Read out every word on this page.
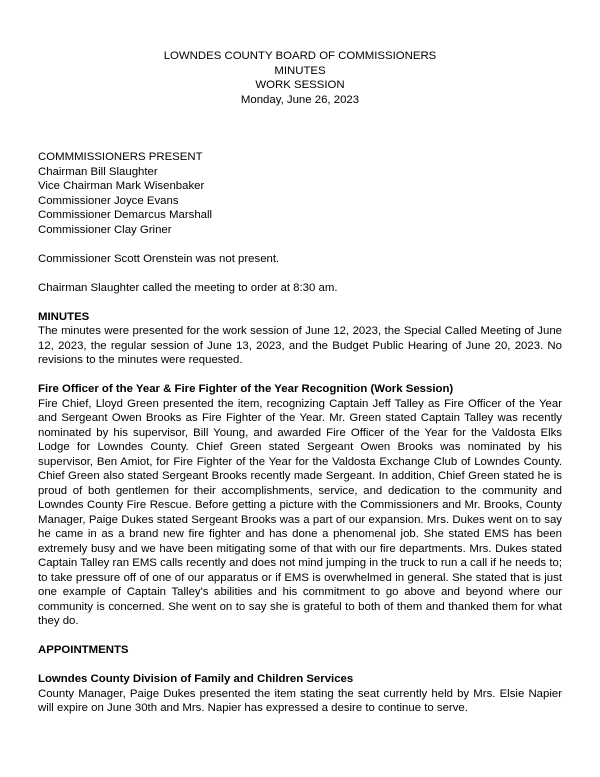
LOWNDES COUNTY BOARD OF COMMISSIONERS
MINUTES
WORK SESSION
Monday, June 26, 2023
COMMMISSIONERS PRESENT
Chairman Bill Slaughter
Vice Chairman Mark Wisenbaker
Commissioner Joyce Evans
Commissioner Demarcus Marshall
Commissioner Clay Griner

Commissioner Scott Orenstein was not present.

Chairman Slaughter called the meeting to order at 8:30 am.

MINUTES

The minutes were presented for the work session of June 12, 2023, the Special Called Meeting of June 12, 2023, the regular session of June 13, 2023, and the Budget Public Hearing of June 20, 2023. No revisions to the minutes were requested.

Fire Officer of the Year & Fire Fighter of the Year Recognition (Work Session)

Fire Chief, Lloyd Green presented the item, recognizing Captain Jeff Talley as Fire Officer of the Year and Sergeant Owen Brooks as Fire Fighter of the Year. Mr. Green stated Captain Talley was recently nominated by his supervisor, Bill Young, and awarded Fire Officer of the Year for the Valdosta Elks Lodge for Lowndes County. Chief Green stated Sergeant Owen Brooks was nominated by his supervisor, Ben Amiot, for Fire Fighter of the Year for the Valdosta Exchange Club of Lowndes County. Chief Green also stated Sergeant Brooks recently made Sergeant. In addition, Chief Green stated he is proud of both gentlemen for their accomplishments, service, and dedication to the community and Lowndes County Fire Rescue. Before getting a picture with the Commissioners and Mr. Brooks, County Manager, Paige Dukes stated Sergeant Brooks was a part of our expansion. Mrs. Dukes went on to say he came in as a brand new fire fighter and has done a phenomenal job. She stated EMS has been extremely busy and we have been mitigating some of that with our fire departments. Mrs. Dukes stated Captain Talley ran EMS calls recently and does not mind jumping in the truck to run a call if he needs to; to take pressure off of one of our apparatus or if EMS is overwhelmed in general. She stated that is just one example of Captain Talley's abilities and his commitment to go above and beyond where our community is concerned. She went on to say she is grateful to both of them and thanked them for what they do.

APPOINTMENTS

Lowndes County Division of Family and Children Services

County Manager, Paige Dukes presented the item stating the seat currently held by Mrs. Elsie Napier will expire on June 30th and Mrs. Napier has expressed a desire to continue to serve.
